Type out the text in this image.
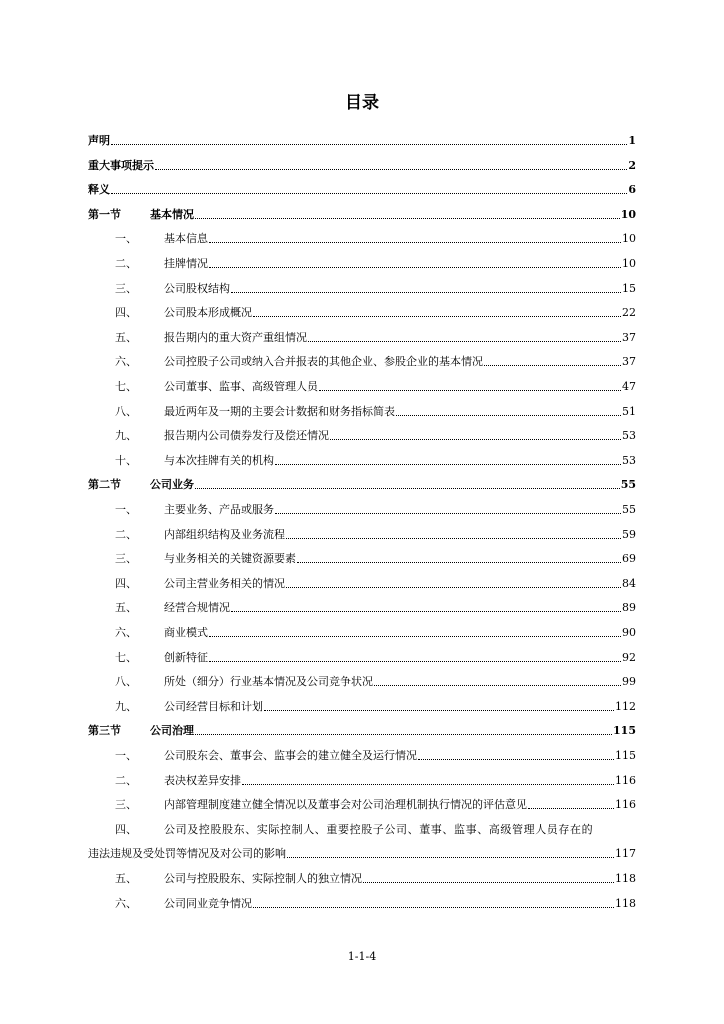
目录
声明	1
重大事项提示	2
释义	6
第一节	基本情况	10
一、	基本信息	10
二、	挂牌情况	10
三、	公司股权结构	15
四、	公司股本形成概况	22
五、	报告期内的重大资产重组情况	37
六、	公司控股子公司或纳入合并报表的其他企业、参股企业的基本情况	37
七、	公司董事、监事、高级管理人员	47
八、	最近两年及一期的主要会计数据和财务指标简表	51
九、	报告期内公司债券发行及偿还情况	53
十、	与本次挂牌有关的机构	53
第二节	公司业务	55
一、	主要业务、产品或服务	55
二、	内部组织结构及业务流程	59
三、	与业务相关的关键资源要素	69
四、	公司主营业务相关的情况	84
五、	经营合规情况	89
六、	商业模式	90
七、	创新特征	92
八、	所处（细分）行业基本情况及公司竞争状况	99
九、	公司经营目标和计划	112
第三节	公司治理	115
一、	公司股东会、董事会、监事会的建立健全及运行情况	115
二、	表决权差异安排	116
三、	内部管理制度建立健全情况以及董事会对公司治理机制执行情况的评估意见	116
四、	公司及控股股东、实际控制人、重要控股子公司、董事、监事、高级管理人员存在的
违法违规及受处罚等情况及对公司的影响	117
五、	公司与控股股东、实际控制人的独立情况	118
六、	公司同业竞争情况	118
1-1-4
